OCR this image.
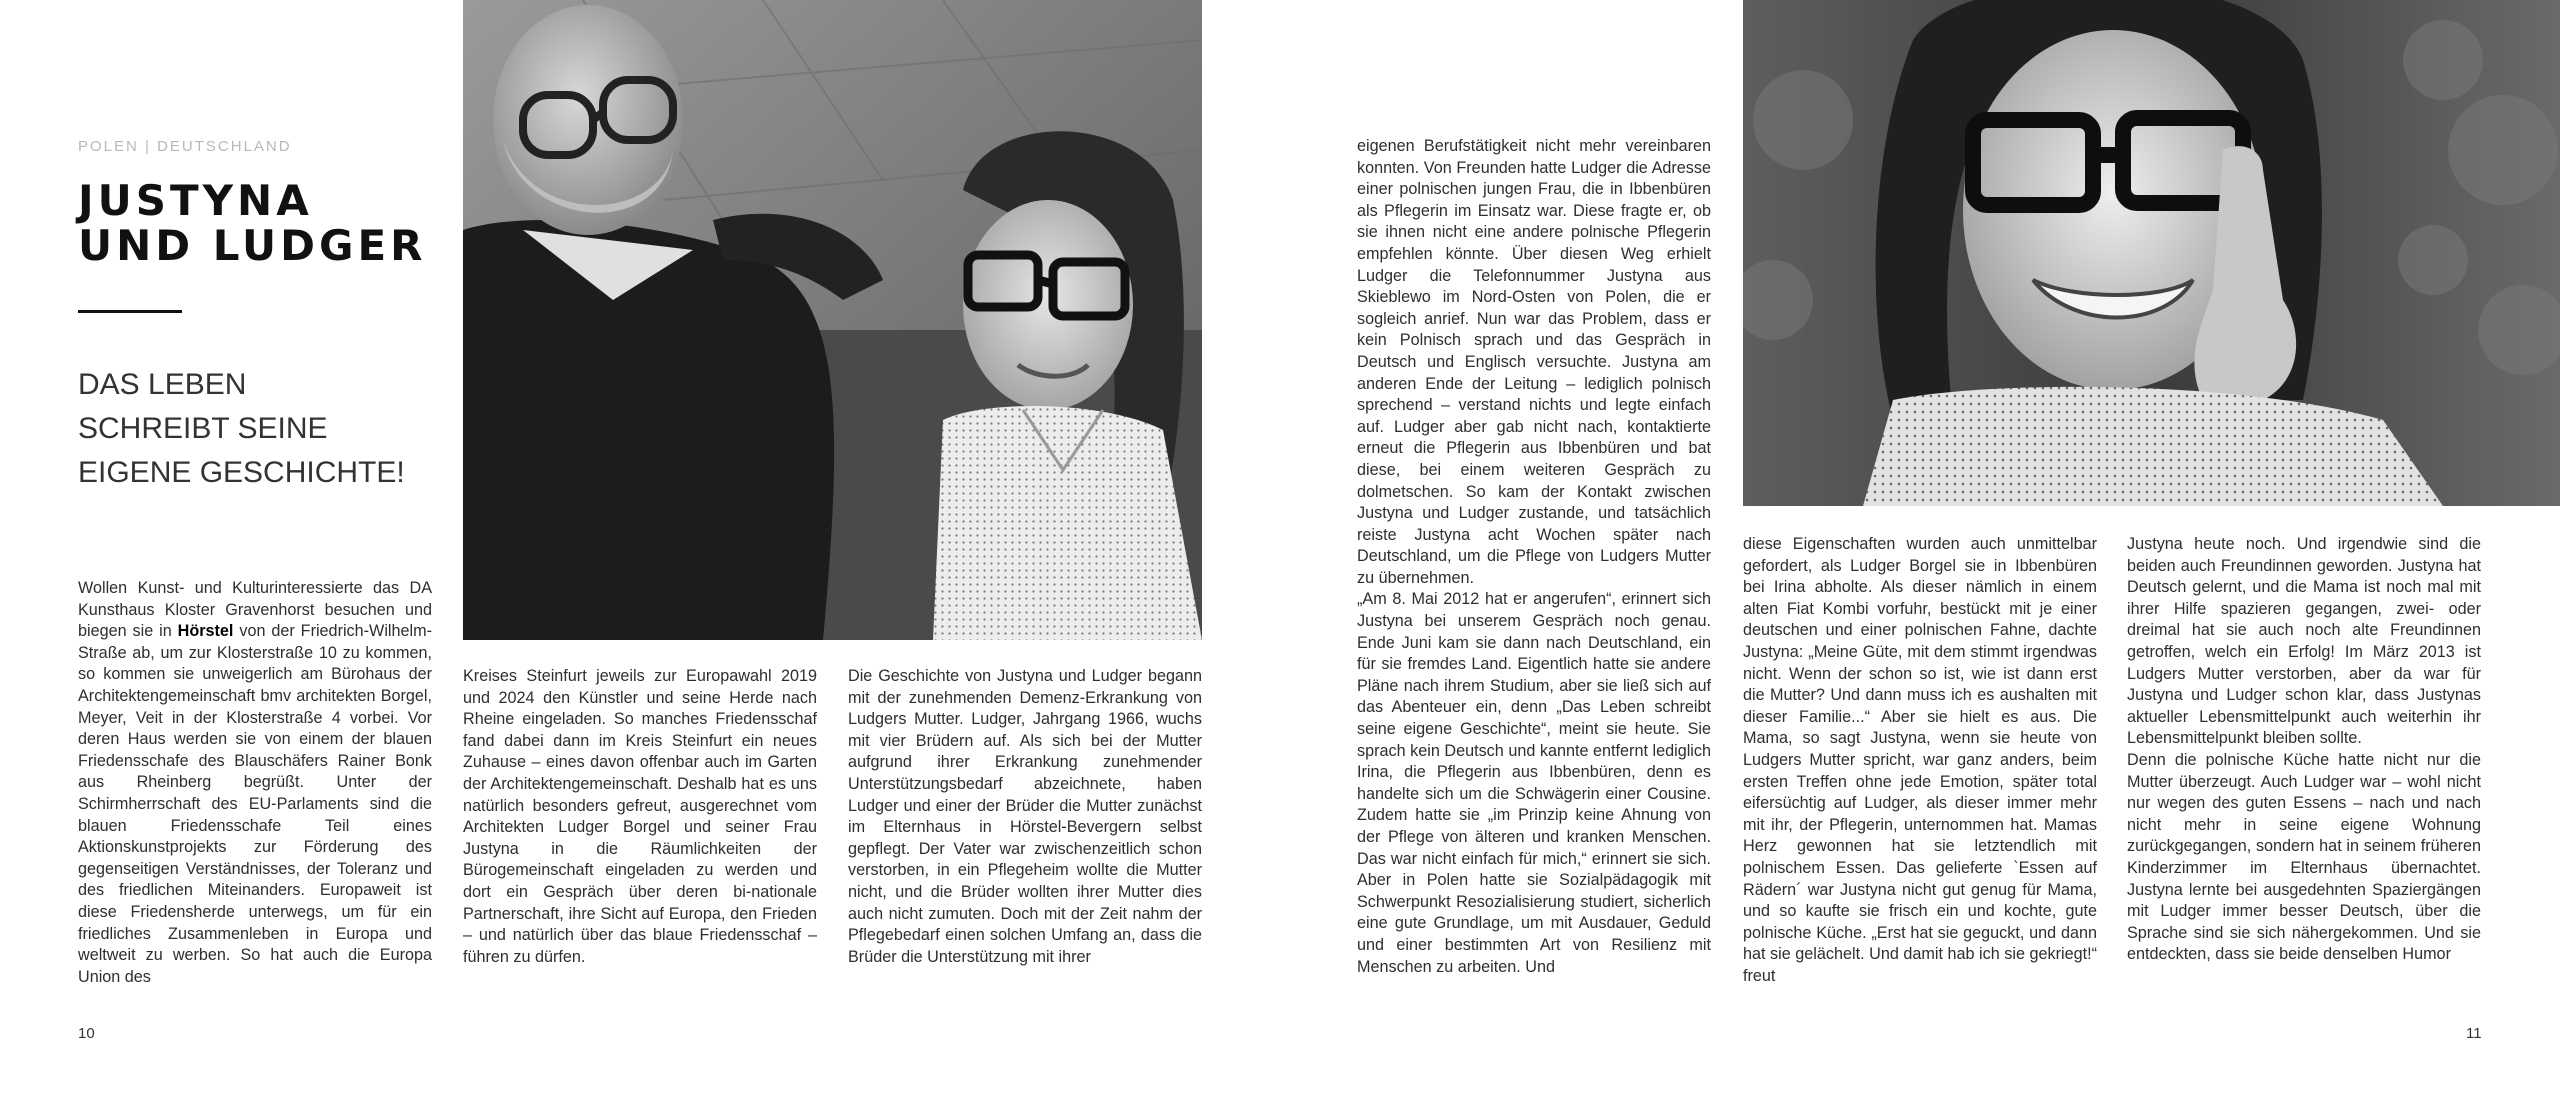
POLEN | DEUTSCHLAND
JUSTYNA
UND LUDGER
DAS LEBEN
SCHREIBT SEINE
EIGENE GESCHICHTE!

Wollen Kunst- und Kulturinteressierte das DA Kunsthaus Kloster Gravenhorst besuchen und biegen sie in Hörstel von der Friedrich-Wilhelm-Straße ab, um zur Klosterstraße 10 zu kommen, so kommen sie unweigerlich am Bürohaus der Architektengemeinschaft bmv architekten Borgel, Meyer, Veit in der Klosterstraße 4 vorbei. Vor deren Haus werden sie von einem der blauen Friedensschafe des Blauschäfers Rainer Bonk aus Rheinberg begrüßt. Unter der Schirmherrschaft des EU-Parlaments sind die blauen Friedensschafe Teil eines Aktionskunstprojekts zur Förderung des gegenseitigen Verständnisses, der Toleranz und des friedlichen Miteinanders. Europaweit ist diese Friedensherde unterwegs, um für ein friedliches Zusammenleben in Europa und weltweit zu werben. So hat auch die Europa Union des

Kreises Steinfurt jeweils zur Europawahl 2019 und 2024 den Künstler und seine Herde nach Rheine eingeladen. So manches Friedensschaf fand dabei dann im Kreis Steinfurt ein neues Zuhause – eines davon offenbar auch im Garten der Architektengemeinschaft. Deshalb hat es uns natürlich besonders gefreut, ausgerechnet vom Architekten Ludger Borgel und seiner Frau Justyna in die Räumlichkeiten der Bürogemeinschaft eingeladen zu werden und dort ein Gespräch über deren bi-nationale Partnerschaft, ihre Sicht auf Europa, den Frieden – und natürlich über das blaue Friedensschaf – führen zu dürfen.

Die Geschichte von Justyna und Ludger begann mit der zunehmenden Demenz-Erkrankung von Ludgers Mutter. Ludger, Jahrgang 1966, wuchs mit vier Brüdern auf. Als sich bei der Mutter aufgrund ihrer Erkrankung zunehmender Unterstützungsbedarf abzeichnete, haben Ludger und einer der Brüder die Mutter zunächst im Elternhaus in Hörstel-Bevergern selbst gepflegt. Der Vater war zwischenzeitlich schon verstorben, in ein Pflegeheim wollte die Mutter nicht, und die Brüder wollten ihrer Mutter dies auch nicht zumuten. Doch mit der Zeit nahm der Pflegebedarf einen solchen Umfang an, dass die Brüder die Unterstützung mit ihrer

10

eigenen Berufstätigkeit nicht mehr vereinbaren konnten. Von Freunden hatte Ludger die Adresse einer polnischen jungen Frau, die in Ibbenbüren als Pflegerin im Einsatz war. Diese fragte er, ob sie ihnen nicht eine andere polnische Pflegerin empfehlen könnte. Über diesen Weg erhielt Ludger die Telefonnummer Justyna aus Skieblewo im Nord-Osten von Polen, die er sogleich anrief. Nun war das Problem, dass er kein Polnisch sprach und das Gespräch in Deutsch und Englisch versuchte. Justyna am anderen Ende der Leitung – lediglich polnisch sprechend – verstand nichts und legte einfach auf. Ludger aber gab nicht nach, kontaktierte erneut die Pflegerin aus Ibbenbüren und bat diese, bei einem weiteren Gespräch zu dolmetschen. So kam der Kontakt zwischen Justyna und Ludger zustande, und tatsächlich reiste Justyna acht Wochen später nach Deutschland, um die Pflege von Ludgers Mutter zu übernehmen.

„Am 8. Mai 2012 hat er angerufen“, erinnert sich Justyna bei unserem Gespräch noch genau. Ende Juni kam sie dann nach Deutschland, ein für sie fremdes Land. Eigentlich hatte sie andere Pläne nach ihrem Studium, aber sie ließ sich auf das Abenteuer ein, denn „Das Leben schreibt seine eigene Geschichte“, meint sie heute. Sie sprach kein Deutsch und kannte entfernt lediglich Irina, die Pflegerin aus Ibbenbüren, denn es handelte sich um die Schwägerin einer Cousine. Zudem hatte sie „im Prinzip keine Ahnung von der Pflege von älteren und kranken Menschen. Das war nicht einfach für mich,“ erinnert sie sich. Aber in Polen hatte sie Sozialpädagogik mit Schwerpunkt Resozialisierung studiert, sicherlich eine gute Grundlage, um mit Ausdauer, Geduld und einer bestimmten Art von Resilienz mit Menschen zu arbeiten. Und

diese Eigenschaften wurden auch unmittelbar gefordert, als Ludger Borgel sie in Ibbenbüren bei Irina abholte. Als dieser nämlich in einem alten Fiat Kombi vorfuhr, bestückt mit je einer deutschen und einer polnischen Fahne, dachte Justyna: „Meine Güte, mit dem stimmt irgendwas nicht. Wenn der schon so ist, wie ist dann erst die Mutter? Und dann muss ich es aushalten mit dieser Familie...“ Aber sie hielt es aus. Die Mama, so sagt Justyna, wenn sie heute von Ludgers Mutter spricht, war ganz anders, beim ersten Treffen ohne jede Emotion, später total eifersüchtig auf Ludger, als dieser immer mehr mit ihr, der Pflegerin, unternommen hat. Mamas Herz gewonnen hat sie letztendlich mit polnischem Essen. Das gelieferte `Essen auf Rädern´ war Justyna nicht gut genug für Mama, und so kaufte sie frisch ein und kochte, gute polnische Küche. „Erst hat sie geguckt, und dann hat sie gelächelt. Und damit hab ich sie gekriegt!“ freut

Justyna heute noch. Und irgendwie sind die beiden auch Freundinnen geworden. Justyna hat Deutsch gelernt, und die Mama ist noch mal mit ihrer Hilfe spazieren gegangen, zwei- oder dreimal hat sie auch noch alte Freundinnen getroffen, welch ein Erfolg! Im März 2013 ist Ludgers Mutter verstorben, aber da war für Justyna und Ludger schon klar, dass Justynas aktueller Lebensmittelpunkt auch weiterhin ihr Lebensmittelpunkt bleiben sollte.

Denn die polnische Küche hatte nicht nur die Mutter überzeugt. Auch Ludger war – wohl nicht nur wegen des guten Essens – nach und nach nicht mehr in seine eigene Wohnung zurückgegangen, sondern hat in seinem früheren Kinderzimmer im Elternhaus übernachtet. Justyna lernte bei ausgedehnten Spaziergängen mit Ludger immer besser Deutsch, über die Sprache sind sie sich nähergekommen. Und sie entdeckten, dass sie beide denselben Humor

11
